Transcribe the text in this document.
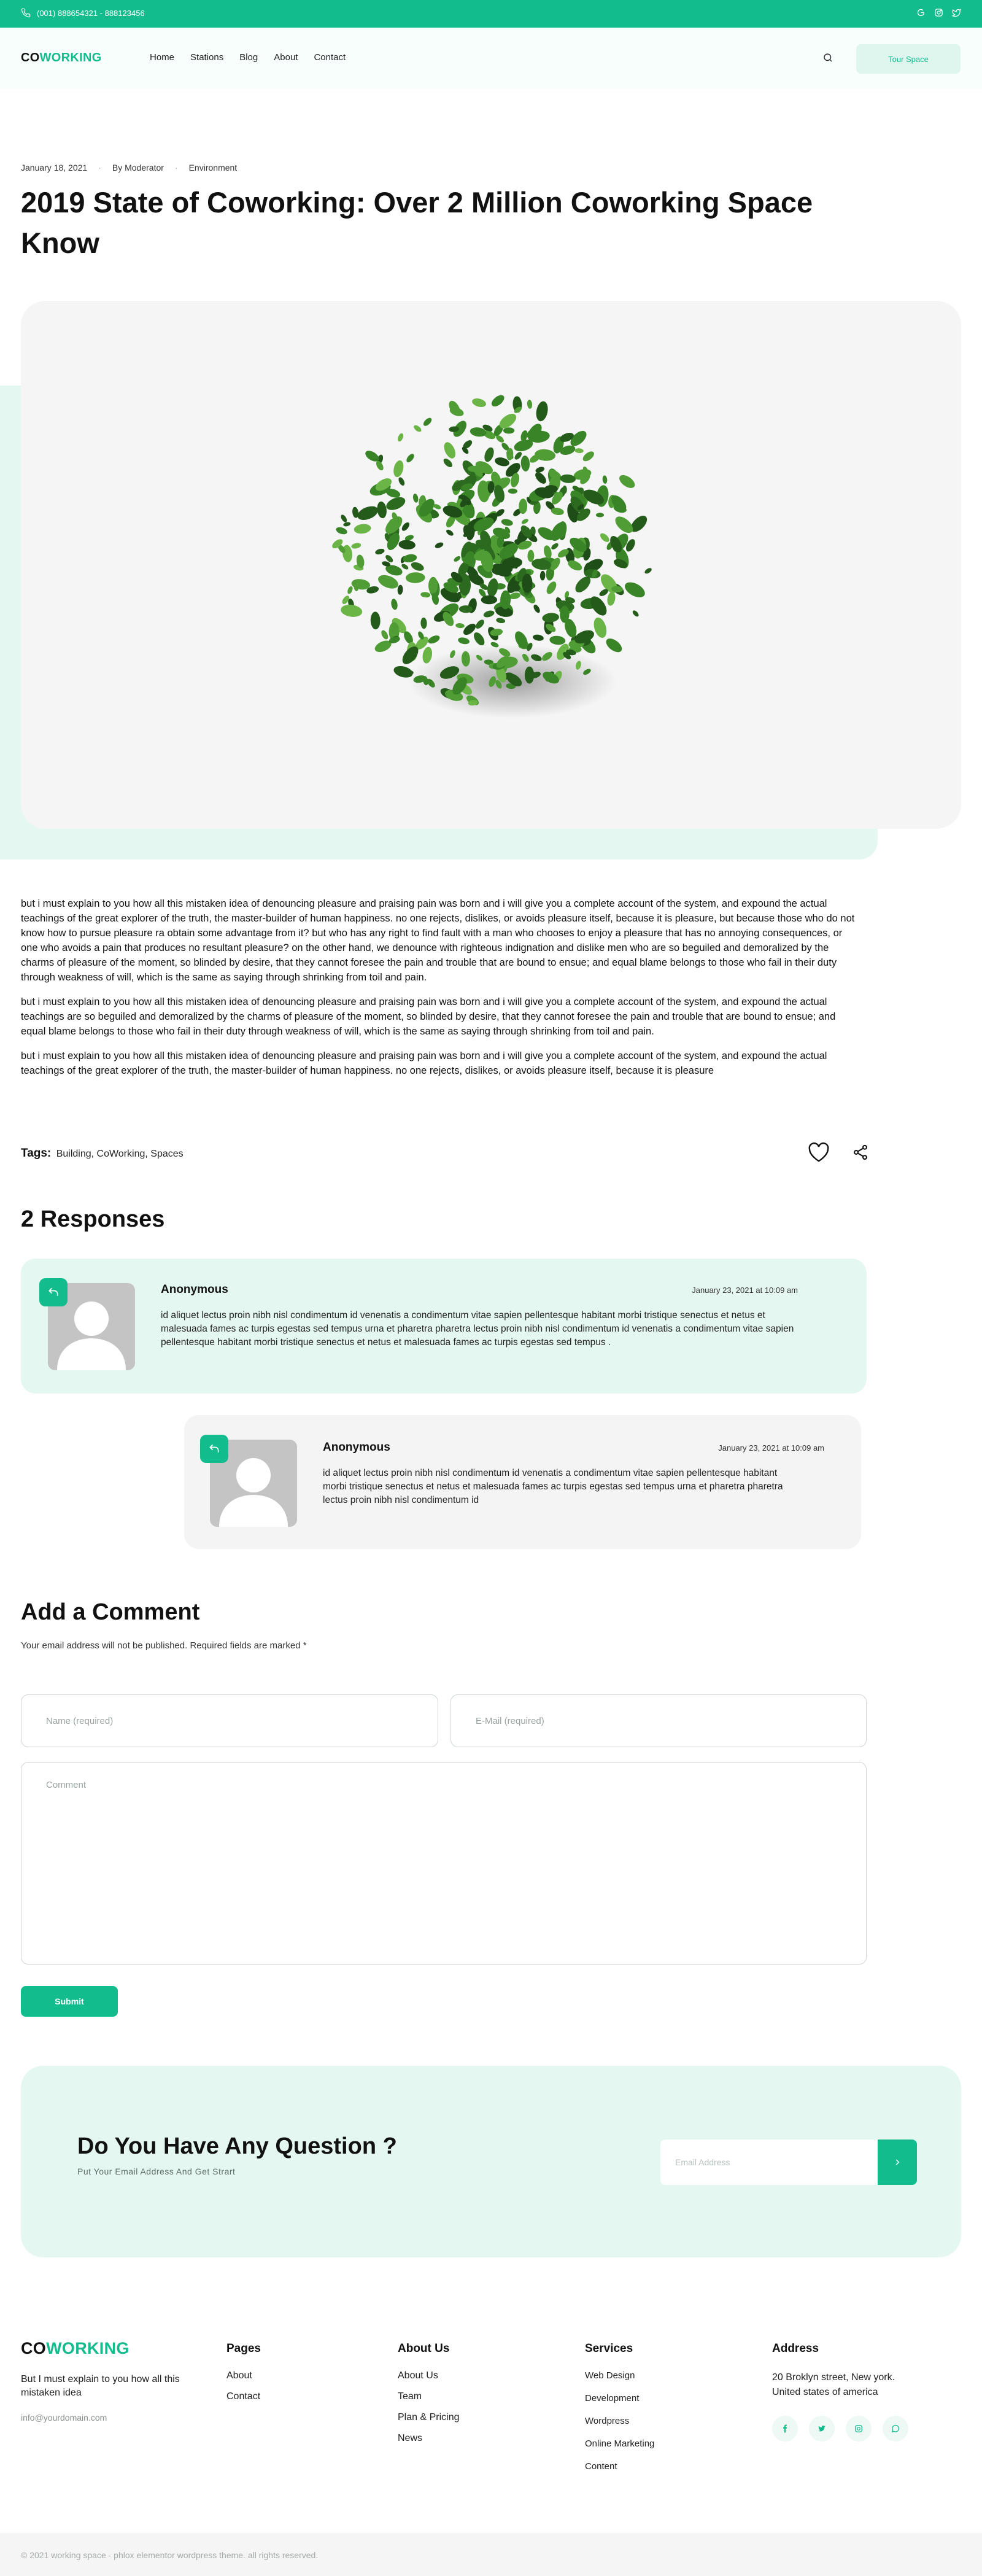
(001) 888654321 - 888123456
COWORKING	Home Stations Blog About Contact	Tour Space
January 18, 2021 · By Moderator · Environment
2019 State of Coworking: Over 2 Million Coworking Space Know

but i must explain to you how all this mistaken idea of denouncing pleasure and praising pain was born and i will give you a complete account of the system, and expound the actual teachings of the great explorer of the truth, the master-builder of human happiness. no one rejects, dislikes, or avoids pleasure itself, because it is pleasure, but because those who do not know how to pursue pleasure ra obtain some advantage from it? but who has any right to find fault with a man who chooses to enjoy a pleasure that has no annoying consequences, or one who avoids a pain that produces no resultant pleasure? on the other hand, we denounce with righteous indignation and dislike men who are so beguiled and demoralized by the charms of pleasure of the moment, so blinded by desire, that they cannot foresee the pain and trouble that are bound to ensue; and equal blame belongs to those who fail in their duty through weakness of will, which is the same as saying through shrinking from toil and pain.

but i must explain to you how all this mistaken idea of denouncing pleasure and praising pain was born and i will give you a complete account of the system, and expound the actual teachings are so beguiled and demoralized by the charms of pleasure of the moment, so blinded by desire, that they cannot foresee the pain and trouble that are bound to ensue; and equal blame belongs to those who fail in their duty through weakness of will, which is the same as saying through shrinking from toil and pain.

but i must explain to you how all this mistaken idea of denouncing pleasure and praising pain was born and i will give you a complete account of the system, and expound the actual teachings of the great explorer of the truth, the master-builder of human happiness. no one rejects, dislikes, or avoids pleasure itself, because it is pleasure

Tags: Building, CoWorking, Spaces
2 Responses
Anonymous	January 23, 2021 at 10:09 am
id aliquet lectus proin nibh nisl condimentum id venenatis a condimentum vitae sapien pellentesque habitant morbi tristique senectus et netus et malesuada fames ac turpis egestas sed tempus urna et pharetra pharetra lectus proin nibh nisl condimentum id venenatis a condimentum vitae sapien pellentesque habitant morbi tristique senectus et netus et malesuada fames ac turpis egestas sed tempus .
Anonymous	January 23, 2021 at 10:09 am
id aliquet lectus proin nibh nisl condimentum id venenatis a condimentum vitae sapien pellentesque habitant morbi tristique senectus et netus et malesuada fames ac turpis egestas sed tempus urna et pharetra pharetra lectus proin nibh nisl condimentum id
Add a Comment
Your email address will not be published. Required fields are marked *
Name (required)
E-Mail (required)
Comment
Submit
Do You Have Any Question ?
Put Your Email Address And Get Strart
Email Address
COWORKING
But I must explain to you how all this mistaken idea
info@yourdomain.com
Pages
About
Contact
About Us
About Us
Team
Plan & Pricing
News
Services
Web Design
Development
Wordpress
Online Marketing
Content
Address
20 Broklyn street, New york.
United states of america
© 2021 working space - phlox elementor wordpress theme. all rights reserved.
